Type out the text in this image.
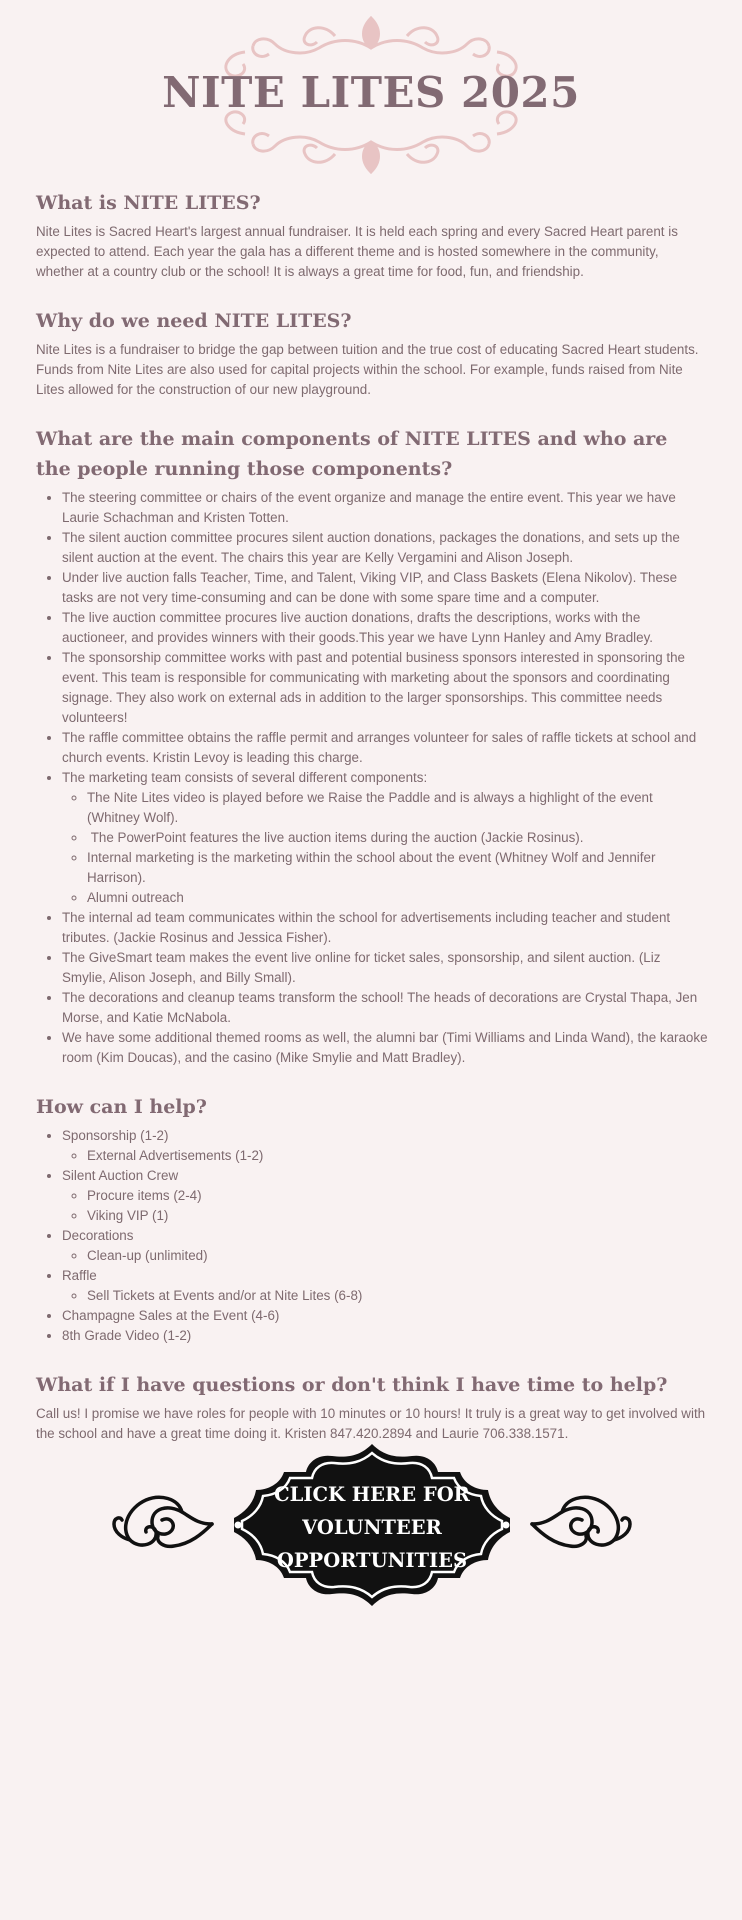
NITE LITES 2025
What is NITE LITES?

Nite Lites is Sacred Heart's largest annual fundraiser. It is held each spring and every Sacred Heart parent is expected to attend. Each year the gala has a different theme and is hosted somewhere in the community, whether at a country club or the school! It is always a great time for food, fun, and friendship.

Why do we need NITE LITES?

Nite Lites is a fundraiser to bridge the gap between tuition and the true cost of educating Sacred Heart students. Funds from Nite Lites are also used for capital projects within the school. For example, funds raised from Nite Lites allowed for the construction of our new playground.

What are the main components of NITE LITES and who are the people running those components?
• The steering committee or chairs of the event organize and manage the entire event. This year we have Laurie Schachman and Kristen Totten.
• The silent auction committee procures silent auction donations, packages the donations, and sets up the silent auction at the event. The chairs this year are Kelly Vergamini and Alison Joseph.
• Under live auction falls Teacher, Time, and Talent, Viking VIP, and Class Baskets (Elena Nikolov). These tasks are not very time-consuming and can be done with some spare time and a computer.
• The live auction committee procures live auction donations, drafts the descriptions, works with the auctioneer, and provides winners with their goods.This year we have Lynn Hanley and Amy Bradley.
• The sponsorship committee works with past and potential business sponsors interested in sponsoring the event. This team is responsible for communicating with marketing about the sponsors and coordinating signage. They also work on external ads in addition to the larger sponsorships. This committee needs volunteers!
• The raffle committee obtains the raffle permit and arranges volunteer for sales of raffle tickets at school and church events. Kristin Levoy is leading this charge.
• The marketing team consists of several different components:
◦ The Nite Lites video is played before we Raise the Paddle and is always a highlight of the event (Whitney Wolf).
◦  The PowerPoint features the live auction items during the auction (Jackie Rosinus).
◦ Internal marketing is the marketing within the school about the event (Whitney Wolf and Jennifer Harrison).
◦ Alumni outreach
• The internal ad team communicates within the school for advertisements including teacher and student tributes. (Jackie Rosinus and Jessica Fisher).
• The GiveSmart team makes the event live online for ticket sales, sponsorship, and silent auction. (Liz Smylie, Alison Joseph, and Billy Small).
• The decorations and cleanup teams transform the school! The heads of decorations are Crystal Thapa, Jen Morse, and Katie McNabola.
• We have some additional themed rooms as well, the alumni bar (Timi Williams and Linda Wand), the karaoke room (Kim Doucas), and the casino (Mike Smylie and Matt Bradley).
How can I help?
• Sponsorship (1-2)
◦ External Advertisements (1-2)
• Silent Auction Crew
◦ Procure items (2-4)
◦ Viking VIP (1)
• Decorations
◦ Clean-up (unlimited)
• Raffle
◦ Sell Tickets at Events and/or at Nite Lites (6-8)
• Champagne Sales at the Event (4-6)
• 8th Grade Video (1-2)
What if I have questions or don't think I have time to help?

Call us! I promise we have roles for people with 10 minutes or 10 hours! It truly is a great way to get involved with the school and have a great time doing it. Kristen 847.420.2894 and Laurie 706.338.1571.

CLICK HERE FOR
VOLUNTEER
OPPORTUNITIES
